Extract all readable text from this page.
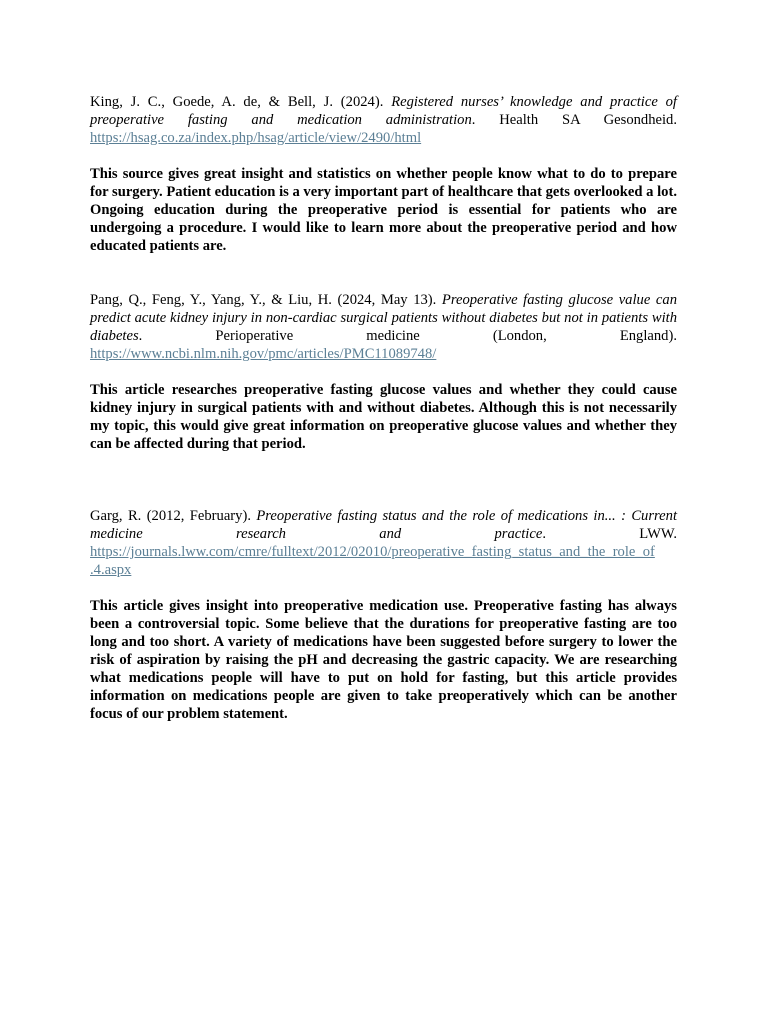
King, J. C., Goede, A. de, & Bell, J. (2024). Registered nurses’ knowledge and practice of preoperative fasting and medication administration. Health SA Gesondheid.
https://hsag.co.za/index.php/hsag/article/view/2490/html

This source gives great insight and statistics on whether people know what to do to prepare for surgery. Patient education is a very important part of healthcare that gets overlooked a lot. Ongoing education during the preoperative period is essential for patients who are undergoing a procedure. I would like to learn more about the preoperative period and how educated patients are.

Pang, Q., Feng, Y., Yang, Y., & Liu, H. (2024, May 13). Preoperative fasting glucose value can predict acute kidney injury in non-cardiac surgical patients without diabetes but not in patients with diabetes. Perioperative medicine (London, England).
https://www.ncbi.nlm.nih.gov/pmc/articles/PMC11089748/

This article researches preoperative fasting glucose values and whether they could cause kidney injury in surgical patients with and without diabetes. Although this is not necessarily my topic, this would give great information on preoperative glucose values and whether they can be affected during that period.

Garg, R. (2012, February). Preoperative fasting status and the role of medications in... : Current medicine research and practice. LWW.
https://journals.lww.com/cmre/fulltext/2012/02010/preoperative_fasting_status_and_the_role_of
.4.aspx

This article gives insight into preoperative medication use. Preoperative fasting has always been a controversial topic. Some believe that the durations for preoperative fasting are too long and too short. A variety of medications have been suggested before surgery to lower the risk of aspiration by raising the pH and decreasing the gastric capacity. We are researching what medications people will have to put on hold for fasting, but this article provides information on medications people are given to take preoperatively which can be another focus of our problem statement.
